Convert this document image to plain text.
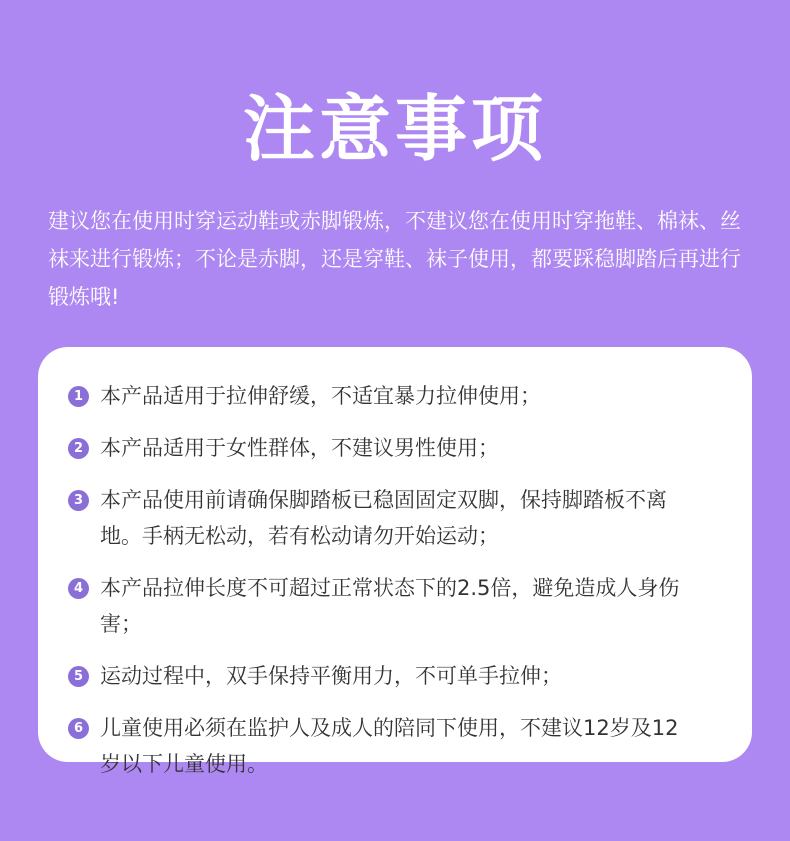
注意事项

建议您在使用时穿运动鞋或赤脚锻炼，不建议您在使用时穿拖鞋、棉袜、丝袜来进行锻炼；不论是赤脚，还是穿鞋、袜子使用，都要踩稳脚踏后再进行锻炼哦!

1 本产品适用于拉伸舒缓，不适宜暴力拉伸使用；
2 本产品适用于女性群体，不建议男性使用；
3 本产品使用前请确保脚踏板已稳固固定双脚，保持脚踏板不离地。手柄无松动，若有松动请勿开始运动；
4 本产品拉伸长度不可超过正常状态下的2.5倍，避免造成人身伤害；
5 运动过程中，双手保持平衡用力，不可单手拉伸；
6 儿童使用必须在监护人及成人的陪同下使用，不建议12岁及12岁以下儿童使用。
